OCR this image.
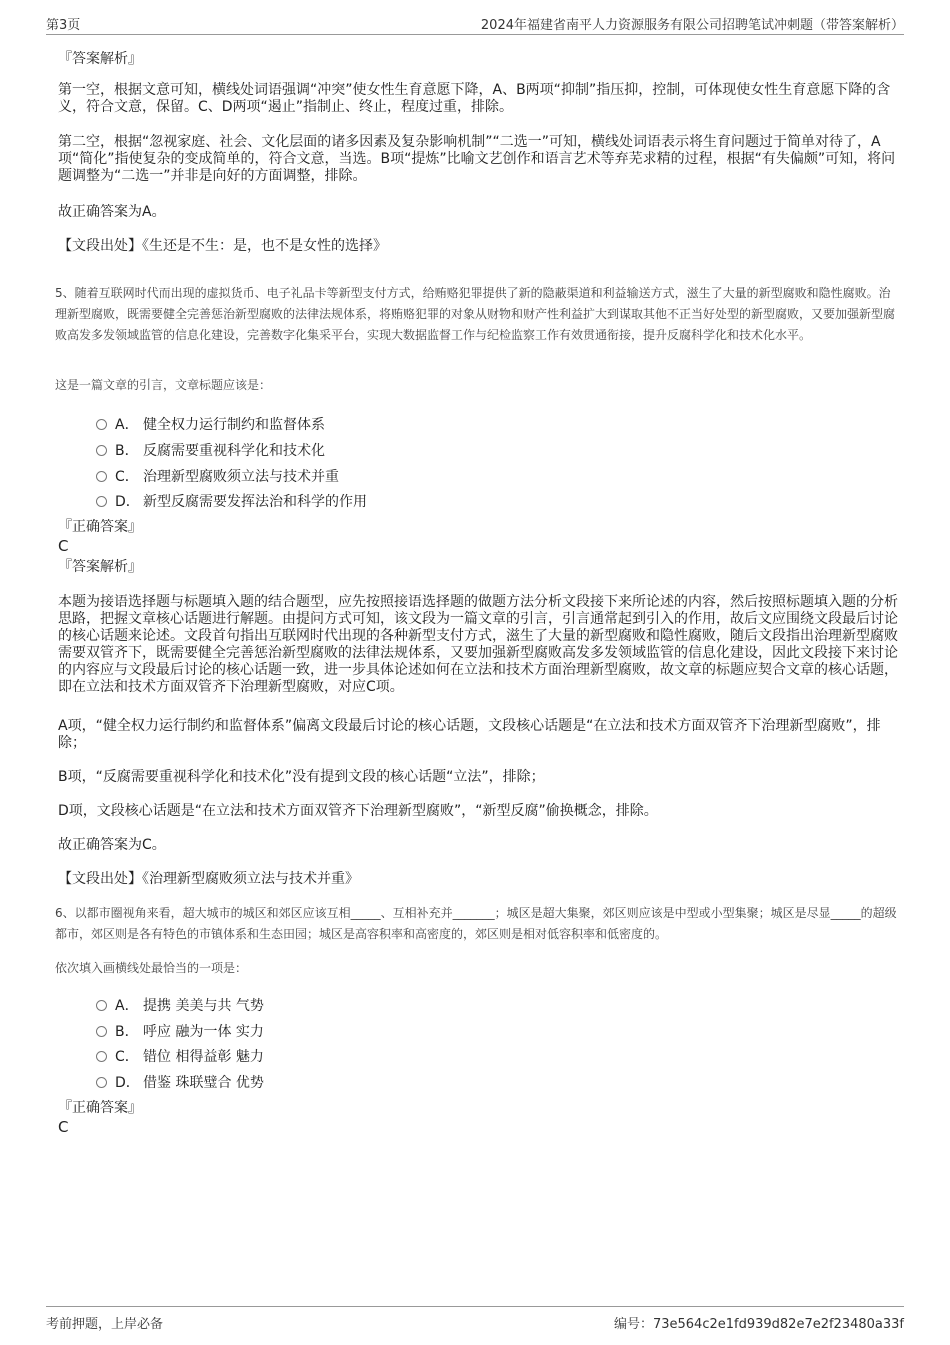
第3页	2024年福建省南平人力资源服务有限公司招聘笔试冲刺题（带答案解析）
『答案解析』
第一空，根据文意可知，横线处词语强调“冲突”使女性生育意愿下降，A、B两项“抑制”指压抑，控制，可体现使女性生育意愿下降的含义，符合文意，保留。C、D两项“遏止”指制止、终止，程度过重，排除。
第二空，根据“忽视家庭、社会、文化层面的诸多因素及复杂影响机制”“二选一”可知，横线处词语表示将生育问题过于简单对待了，A项“简化”指使复杂的变成简单的，符合文意，当选。B项“提炼”比喻文艺创作和语言艺术等弃芜求精的过程，根据“有失偏颇”可知，将问题调整为“二选一”并非是向好的方面调整，排除。
故正确答案为A。
【文段出处】《生还是不生：是，也不是女性的选择》
5、随着互联网时代而出现的虚拟货币、电子礼品卡等新型支付方式，给贿赂犯罪提供了新的隐蔽渠道和利益输送方式，滋生了大量的新型腐败和隐性腐败。治理新型腐败，既需要健全完善惩治新型腐败的法律法规体系，将贿赂犯罪的对象从财物和财产性利益扩大到谋取其他不正当好处型的新型腐败，又要加强新型腐败高发多发领域监管的信息化建设，完善数字化集采平台，实现大数据监督工作与纪检监察工作有效贯通衔接，提升反腐科学化和技术化水平。
这是一篇文章的引言，文章标题应该是：
A． 健全权力运行制约和监督体系
B． 反腐需要重视科学化和技术化
C． 治理新型腐败须立法与技术并重
D． 新型反腐需要发挥法治和科学的作用
『正确答案』
C
『答案解析』
本题为接语选择题与标题填入题的结合题型，应先按照接语选择题的做题方法分析文段接下来所论述的内容，然后按照标题填入题的分析思路，把握文章核心话题进行解题。由提问方式可知，该文段为一篇文章的引言，引言通常起到引入的作用，故后文应围绕文段最后讨论的核心话题来论述。文段首句指出互联网时代出现的各种新型支付方式，滋生了大量的新型腐败和隐性腐败，随后文段指出治理新型腐败需要双管齐下，既需要健全完善惩治新型腐败的法律法规体系，又要加强新型腐败高发多发领域监管的信息化建设，因此文段接下来讨论的内容应与文段最后讨论的核心话题一致，进一步具体论述如何在立法和技术方面治理新型腐败，故文章的标题应契合文章的核心话题，即在立法和技术方面双管齐下治理新型腐败，对应C项。
A项，“健全权力运行制约和监督体系”偏离文段最后讨论的核心话题，文段核心话题是“在立法和技术方面双管齐下治理新型腐败”，排除；
B项，“反腐需要重视科学化和技术化”没有提到文段的核心话题“立法”，排除；
D项，文段核心话题是“在立法和技术方面双管齐下治理新型腐败”，“新型反腐”偷换概念，排除。
故正确答案为C。
【文段出处】《治理新型腐败须立法与技术并重》
6、以都市圈视角来看，超大城市的城区和郊区应该互相_____、互相补充并_______；城区是超大集聚，郊区则应该是中型或小型集聚；城区是尽显_____的超级都市，郊区则是各有特色的市镇体系和生态田园；城区是高容积率和高密度的，郊区则是相对低容积率和低密度的。
依次填入画横线处最恰当的一项是：
A． 提携 美美与共 气势
B． 呼应 融为一体 实力
C． 错位 相得益彰 魅力
D． 借鉴 珠联璧合 优势
『正确答案』
C
考前押题，上岸必备	编号：73e564c2e1fd939d82e7e2f23480a33f
